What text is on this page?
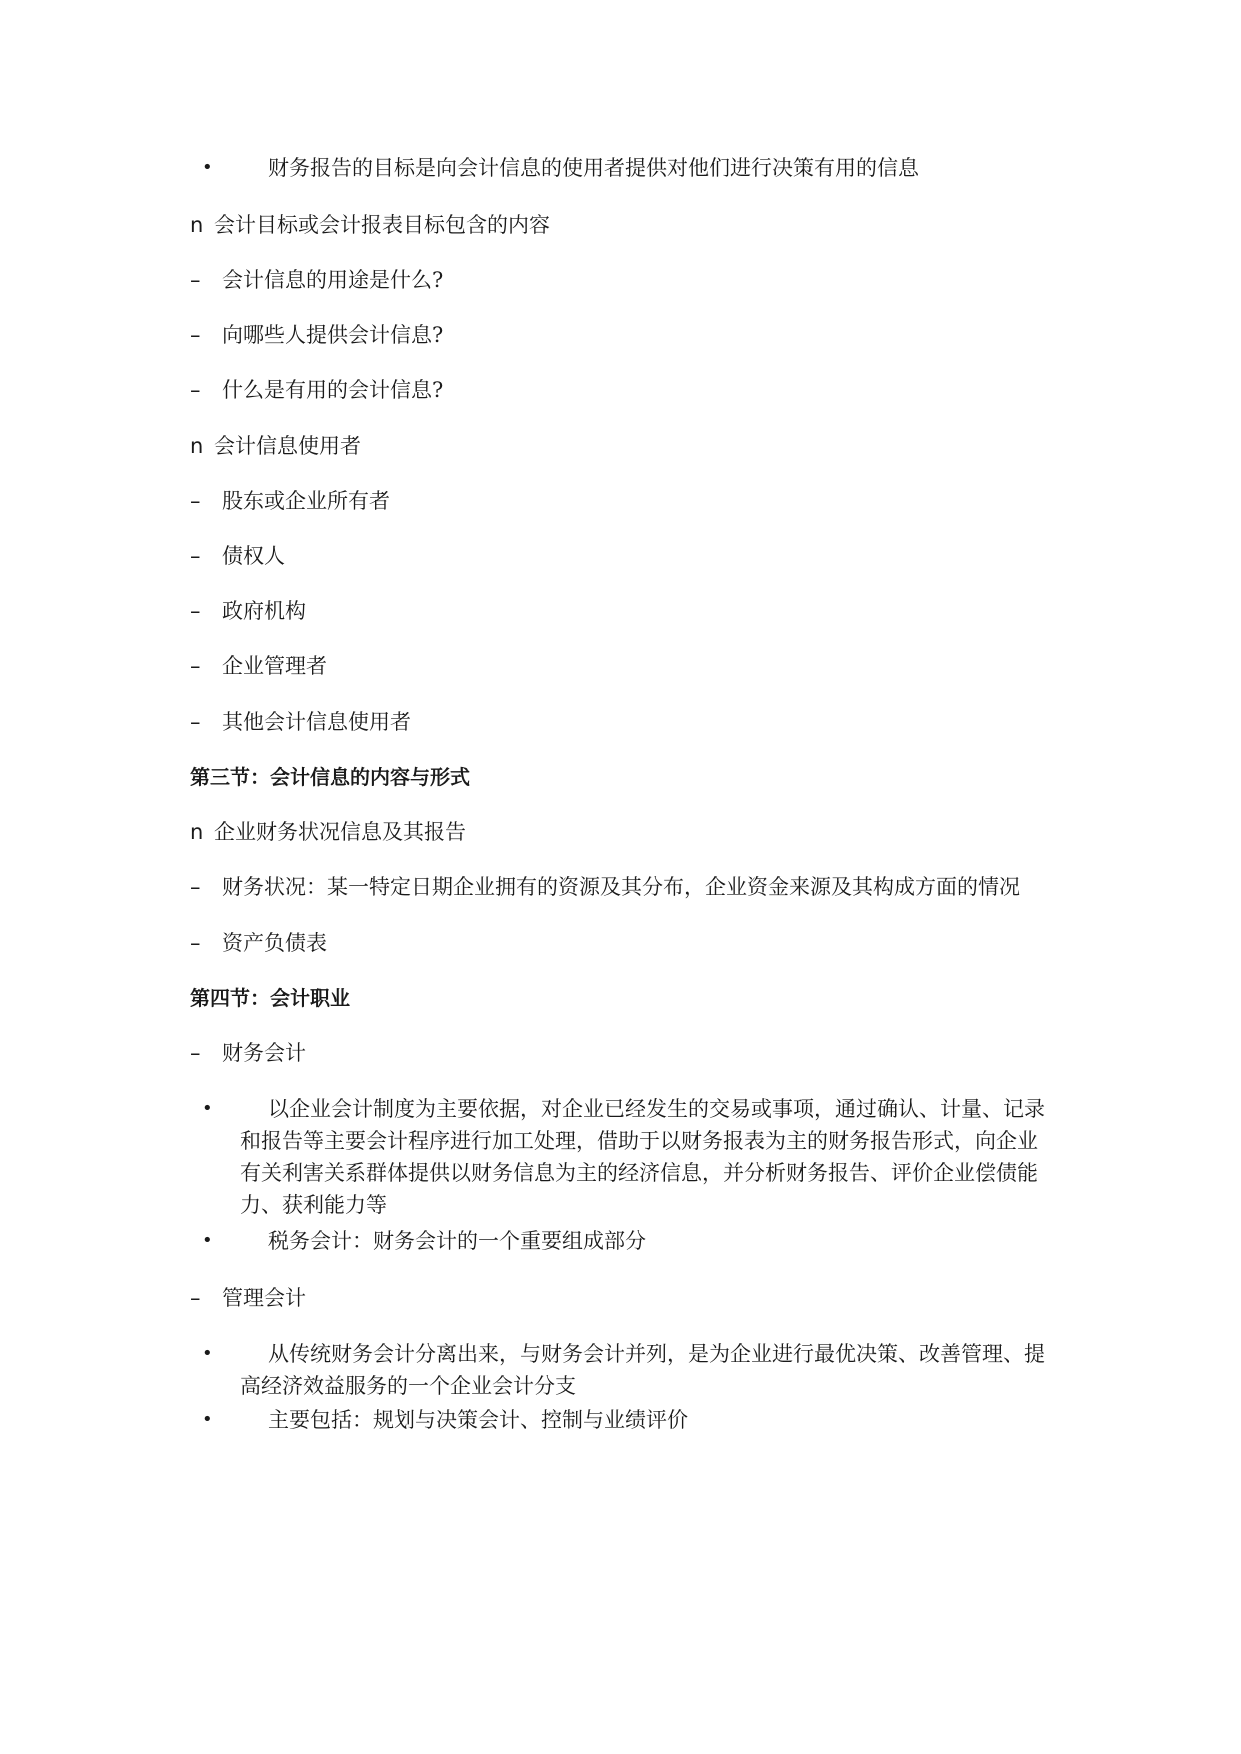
•	财务报告的目标是向会计信息的使用者提供对他们进行决策有用的信息
n 会计目标或会计报表目标包含的内容
– 会计信息的用途是什么?
– 向哪些人提供会计信息?
– 什么是有用的会计信息?
n 会计信息使用者
– 股东或企业所有者
– 债权人
– 政府机构
– 企业管理者
– 其他会计信息使用者
第三节：会计信息的内容与形式
n 企业财务状况信息及其报告
– 财务状况：某一特定日期企业拥有的资源及其分布，企业资金来源及其构成方面的情况
– 资产负债表
第四节：会计职业
– 财务会计
•	以企业会计制度为主要依据，对企业已经发生的交易或事项，通过确认、计量、记录和报告等主要会计程序进行加工处理，借助于以财务报表为主的财务报告形式，向企业有关利害关系群体提供以财务信息为主的经济信息，并分析财务报告、评价企业偿债能力、获利能力等
•	税务会计：财务会计的一个重要组成部分
– 管理会计
•	从传统财务会计分离出来，与财务会计并列，是为企业进行最优决策、改善管理、提高经济效益服务的一个企业会计分支
•	主要包括：规划与决策会计、控制与业绩评价
